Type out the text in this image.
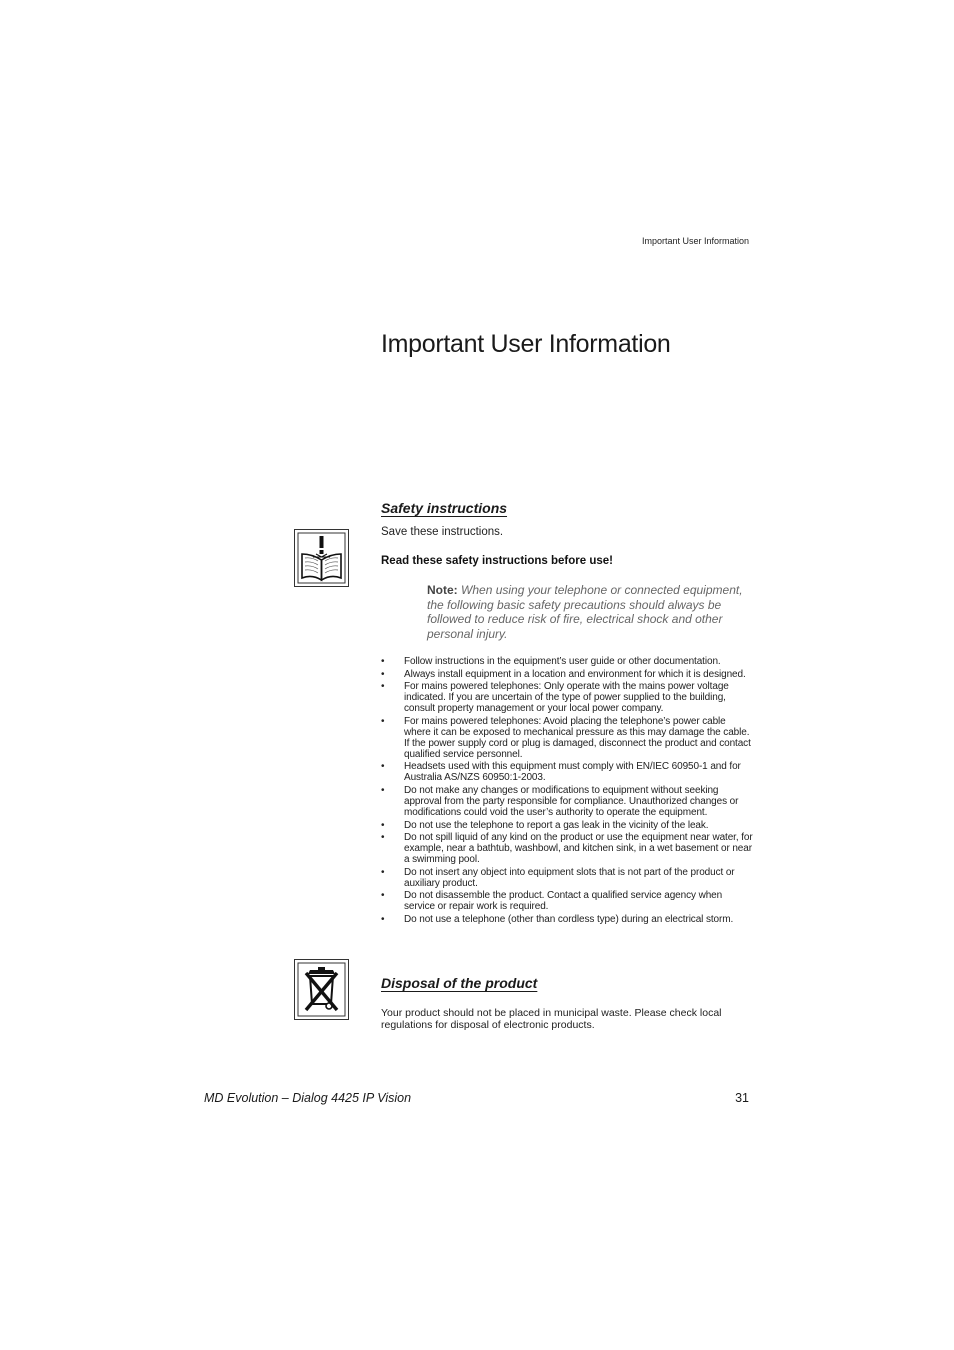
Important User Information
Important User Information
Safety instructions
Save these instructions.
Read these safety instructions before use!
Note: When using your telephone or connected equipment, the following basic safety precautions should always be followed to reduce risk of fire, electrical shock and other personal injury.
• Follow instructions in the equipment’s user guide or other documentation.
• Always install equipment in a location and environment for which it is designed.
• For mains powered telephones: Only operate with the mains power voltage indicated. If you are uncertain of the type of power supplied to the building, consult property management or your local power company.
• For mains powered telephones: Avoid placing the telephone’s power cable where it can be exposed to mechanical pressure as this may damage the cable. If the power supply cord or plug is damaged, disconnect the product and contact qualified service personnel.
• Headsets used with this equipment must comply with EN/IEC 60950-1 and for Australia AS/NZS 60950:1-2003.
• Do not make any changes or modifications to equipment without seeking approval from the party responsible for compliance. Unauthorized changes or modifications could void the user’s authority to operate the equipment.
• Do not use the telephone to report a gas leak in the vicinity of the leak.
• Do not spill liquid of any kind on the product or use the equipment near water, for example, near a bathtub, washbowl, and kitchen sink, in a wet basement or near a swimming pool.
• Do not insert any object into equipment slots that is not part of the product or auxiliary product.
• Do not disassemble the product. Contact a qualified service agency when service or repair work is required.
• Do not use a telephone (other than cordless type) during an electrical storm.
Disposal of the product
Your product should not be placed in municipal waste. Please check local regulations for disposal of electronic products.
MD Evolution – Dialog 4425 IP Vision	31
